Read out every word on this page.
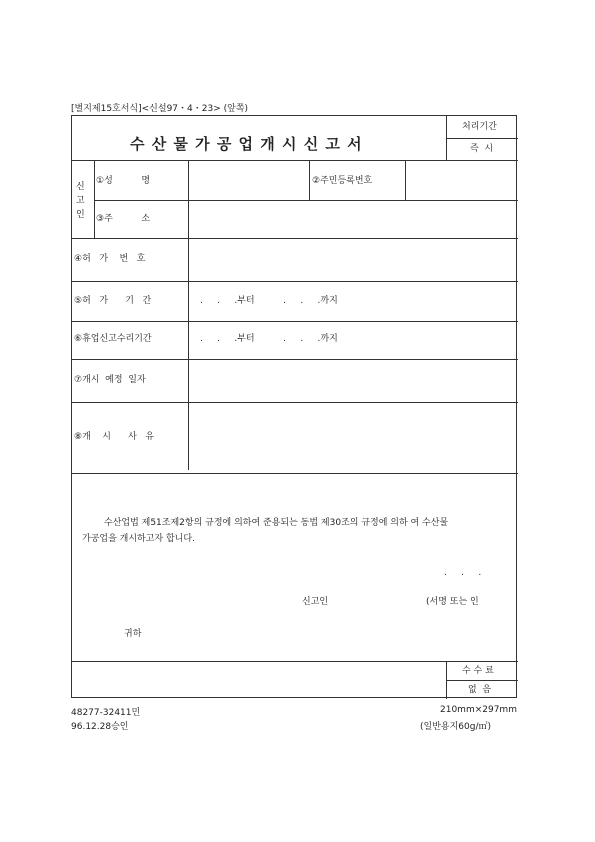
[별지제15호서식]<신설97・4・23> (앞쪽)
수 산 물 가 공 업 개 시 신 고 서
처리기간
즉  시
신
고
인
①성          명	②주민등록번호
③주          소
④허   가    번   호
⑤허   가      기   간	.     .     .부터          .     .     .까지
⑥휴업신고수리기간	.     .     .부터          .     .     .까지
⑦개시  예정  일자
⑧개    시      사   유
수산업법 제51조제2항의 규정에 의하여 준용되는 동법 제30조의 규정에 의하 여 수산물
가공업을 개시하고자 합니다.
.     .     .
신고인	(서명 또는 인
귀하
수 수 료
없  음
48277-32411민
96.12.28승인
210mm×297mm
(일반용지60g/㎡)
